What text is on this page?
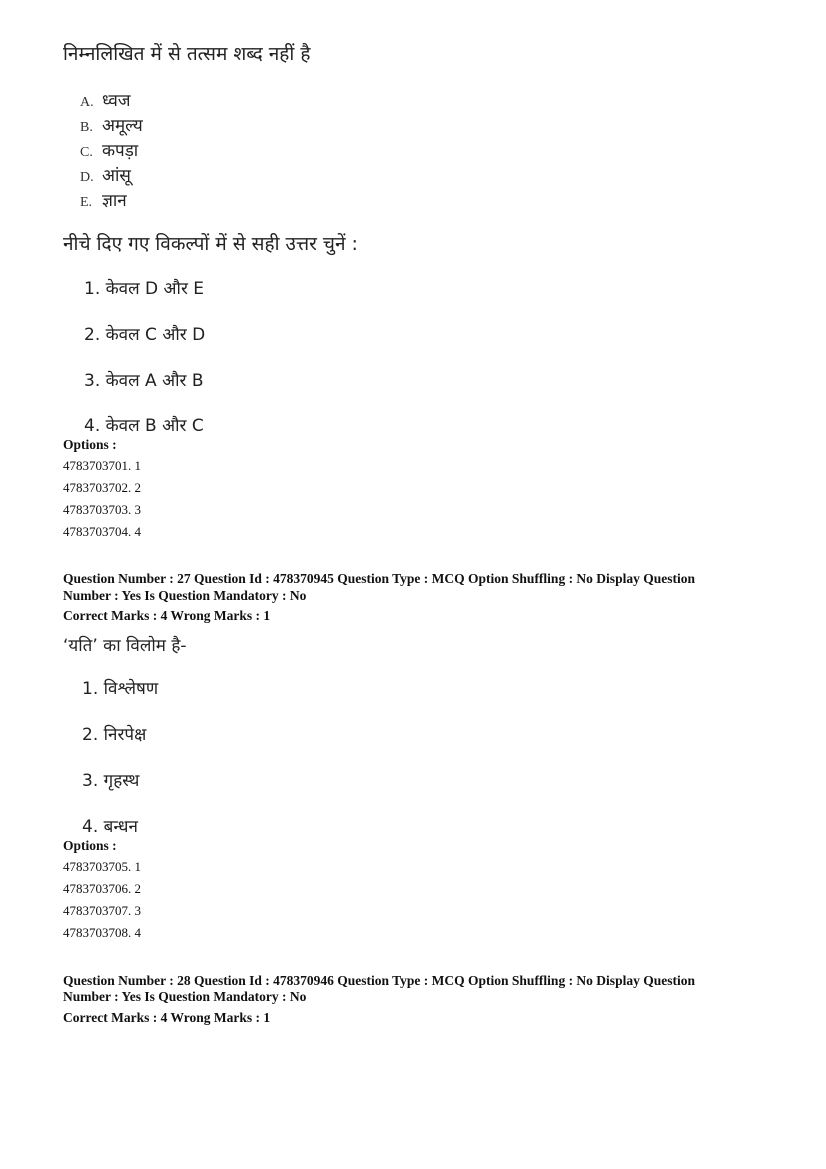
निम्नलिखित में से तत्सम शब्द नहीं है
A. ध्वज
B. अमूल्य
C. कपड़ा
D. आंसू
E. ज्ञान
नीचे दिए गए विकल्पों में से सही उत्तर चुनें :
1. केवल D और E
2. केवल C और D
3. केवल A और B
4. केवल B और C
Options :
4783703701. 1
4783703702. 2
4783703703. 3
4783703704. 4
Question Number : 27 Question Id : 478370945 Question Type : MCQ Option Shuffling : No Display Question
Number : Yes Is Question Mandatory : No
Correct Marks : 4 Wrong Marks : 1
‘यति’ का विलोम है-
1. विश्लेषण
2. निरपेक्ष
3. गृहस्थ
4. बन्धन
Options :
4783703705. 1
4783703706. 2
4783703707. 3
4783703708. 4
Question Number : 28 Question Id : 478370946 Question Type : MCQ Option Shuffling : No Display Question
Number : Yes Is Question Mandatory : No
Correct Marks : 4 Wrong Marks : 1
